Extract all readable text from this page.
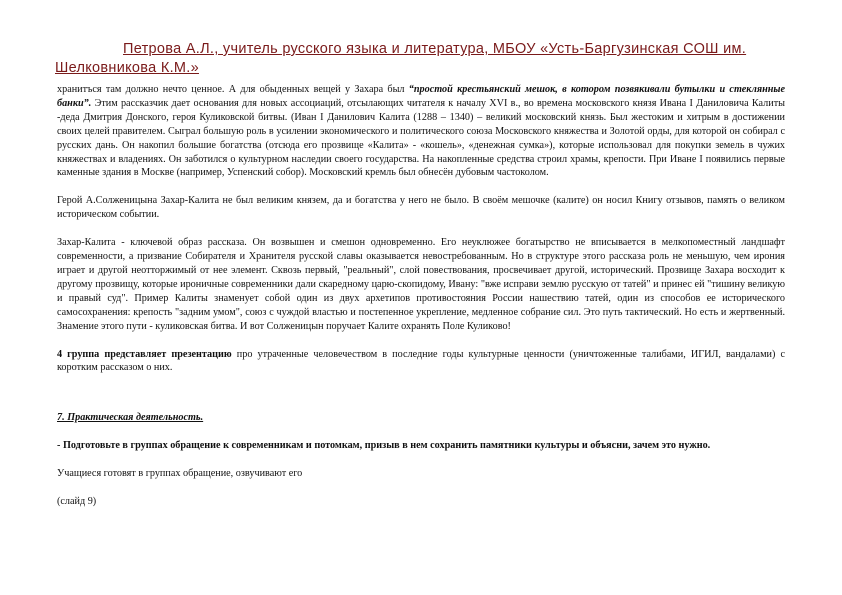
Петрова А.Л., учитель русского языка и литература, МБОУ «Усть-Баргузинская СОШ им. Шелковникова К.М.»

хранитъся там должно нечто ценное. А для обыденных вещей у Захара был “простой крестьянский мешок, в котором позвякивали бутылки и стеклянные банки”. Этим рассказчик дает основания для новых ассоциаций, отсылающих читателя к началу XVI в., во времена московского князя Ивана I Даниловича Калиты -деда Дмитрия Донского, героя Куликовской битвы. (Иван I Данилович Калита (1288 – 1340) – великий московский князь. Был жестоким и хитрым в достижении своих целей правителем. Сыграл большую роль в усилении экономического и политического союза Московского княжества и Золотой орды, для которой он собирал с русских дань. Он накопил большие богатства (отсюда его прозвище «Калита» - «кошель», «денежная сумка»), которые использовал для покупки земель в чужих княжествах и владениях. Он заботился о культурном наследии своего государства. На накопленные средства строил храмы, крепости. При Иване I появились первые каменные здания в Москве (например, Успенский собор). Московский кремль был обнесён дубовым частоколом.

Герой А.Солженицына Захар-Калита не был великим князем, да и богатства у него не было. В своём мешочке (калите) он носил Книгу отзывов, память о великом историческом событии.

Захар-Калита - ключевой образ рассказа. Он возвышен и смешон одновременно. Его неуклюжее богатырство не вписывается в мелкопоместный ландшафт современности, а призвание Собирателя и Хранителя русской славы оказывается невостребованным. Но в структуре этого рассказа роль не меньшую, чем ирония играет и другой неотторжимый от нее элемент. Сквозь первый, "реальный", слой повествования, просвечивает другой, исторический. Прозвище Захара восходит к другому прозвищу, которые ироничные современники дали скаредному царю-скопидому, Ивану: "вже исправи землю русскую от татей" и принес ей "тишину великую и правый суд". Пример Калиты знаменует собой один из двух архетипов противостояния России нашествию татей, один из способов ее исторического самосохранения: крепость "задним умом", союз с чуждой властью и постепенное укрепление, медленное собрание сил. Это путь тактический. Но есть и жертвенный. Знамение этого пути - куликовская битва. И вот Солженицын поручает Калите охранять Поле Куликово!

4 группа представляет презентацию про утраченные человечеством в последние годы культурные ценности (уничтоженные талибами, ИГИЛ, вандалами) с коротким рассказом о них.

7. Практическая деятельность.

- Подготовьте в группах обращение к современникам и потомкам, призыв в нем сохранить памятники культуры и объясни, зачем это нужно.

Учащиеся готовят в группах обращение, озвучивают его

(слайд 9)
